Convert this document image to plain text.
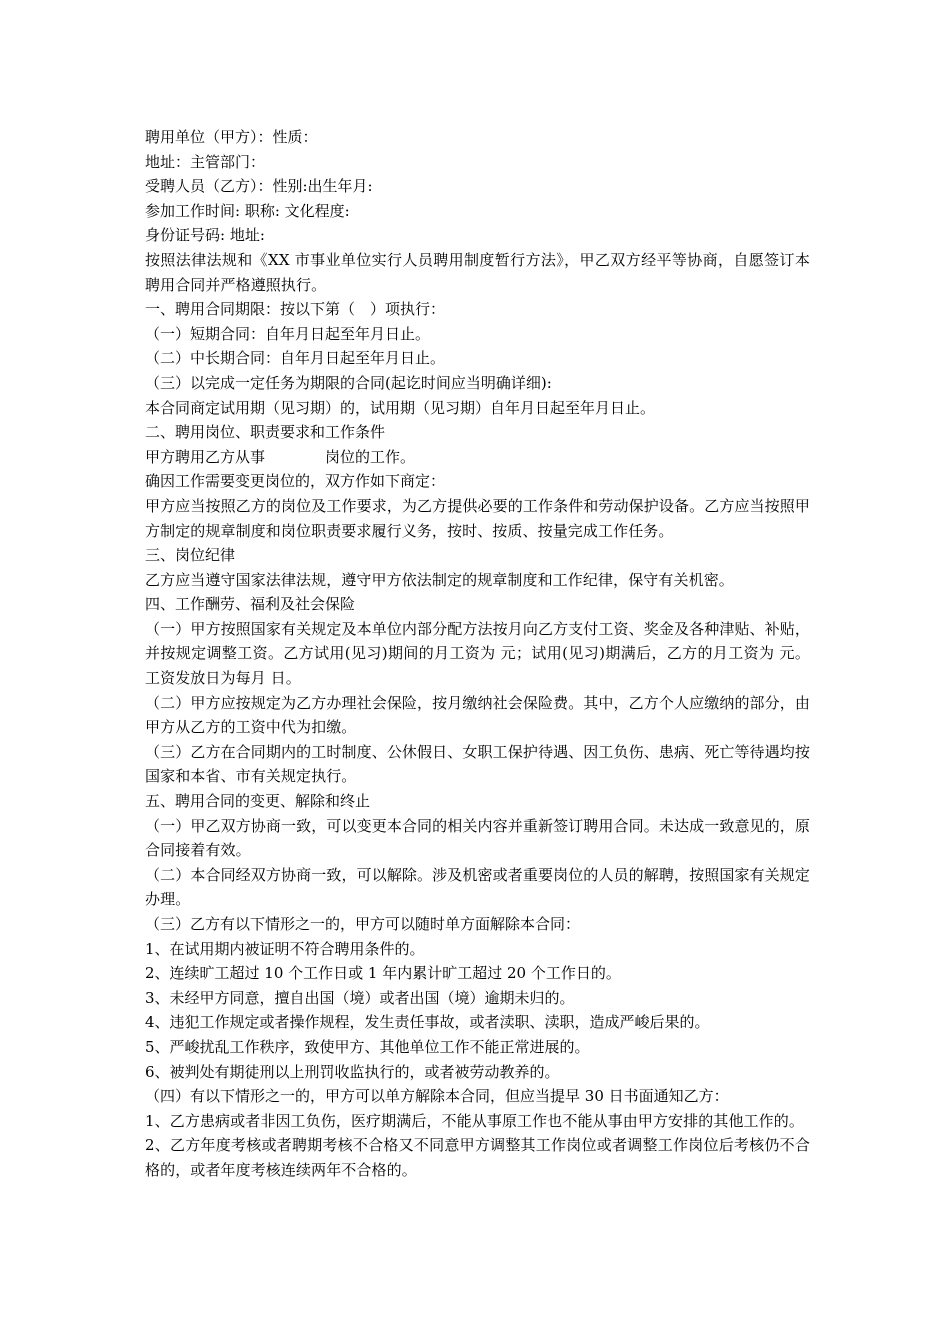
聘用单位（甲方）：性质：

地址：主管部门：

受聘人员（乙方）：性别:出生年月:

参加工作时间: 职称: 文化程度:

身份证号码: 地址:

按照法律法规和《XX 市事业单位实行人员聘用制度暂行方法》，甲乙双方经平等协商，自愿签订本聘用合同并严格遵照执行。

一、聘用合同期限：按以下第（　）项执行：

（一）短期合同：自年月日起至年月日止。

（二）中长期合同：自年月日起至年月日止。

（三）以完成一定任务为期限的合同(起讫时间应当明确详细):

本合同商定试用期（见习期）的，试用期（见习期）自年月日起至年月日止。

二、聘用岗位、职责要求和工作条件

甲方聘用乙方从事	岗位的工作。

确因工作需要变更岗位的，双方作如下商定：

甲方应当按照乙方的岗位及工作要求，为乙方提供必要的工作条件和劳动保护设备。乙方应当按照甲方制定的规章制度和岗位职责要求履行义务，按时、按质、按量完成工作任务。

三、岗位纪律

乙方应当遵守国家法律法规，遵守甲方依法制定的规章制度和工作纪律，保守有关机密。

四、工作酬劳、福利及社会保险

（一）甲方按照国家有关规定及本单位内部分配方法按月向乙方支付工资、奖金及各种津贴、补贴，并按规定调整工资。乙方试用(见习)期间的月工资为 元；试用(见习)期满后，乙方的月工资为 元。工资发放日为每月 日。

（二）甲方应按规定为乙方办理社会保险，按月缴纳社会保险费。其中，乙方个人应缴纳的部分，由甲方从乙方的工资中代为扣缴。

（三）乙方在合同期内的工时制度、公休假日、女职工保护待遇、因工负伤、患病、死亡等待遇均按国家和本省、市有关规定执行。

五、聘用合同的变更、解除和终止

（一）甲乙双方协商一致，可以变更本合同的相关内容并重新签订聘用合同。未达成一致意见的，原合同接着有效。

（二）本合同经双方协商一致，可以解除。涉及机密或者重要岗位的人员的解聘，按照国家有关规定办理。

（三）乙方有以下情形之一的，甲方可以随时单方面解除本合同：

1、在试用期内被证明不符合聘用条件的。

2、连续旷工超过 10 个工作日或 1 年内累计旷工超过 20 个工作日的。

3、未经甲方同意，擅自出国（境）或者出国（境）逾期未归的。

4、违犯工作规定或者操作规程，发生责任事故，或者渎职、渎职，造成严峻后果的。

5、严峻扰乱工作秩序，致使甲方、其他单位工作不能正常进展的。

6、被判处有期徒刑以上刑罚收监执行的，或者被劳动教养的。

（四）有以下情形之一的，甲方可以单方解除本合同，但应当提早 30 日书面通知乙方：

1、乙方患病或者非因工负伤，医疗期满后，不能从事原工作也不能从事由甲方安排的其他工作的。

2、乙方年度考核或者聘期考核不合格又不同意甲方调整其工作岗位或者调整工作岗位后考核仍不合格的，或者年度考核连续两年不合格的。
